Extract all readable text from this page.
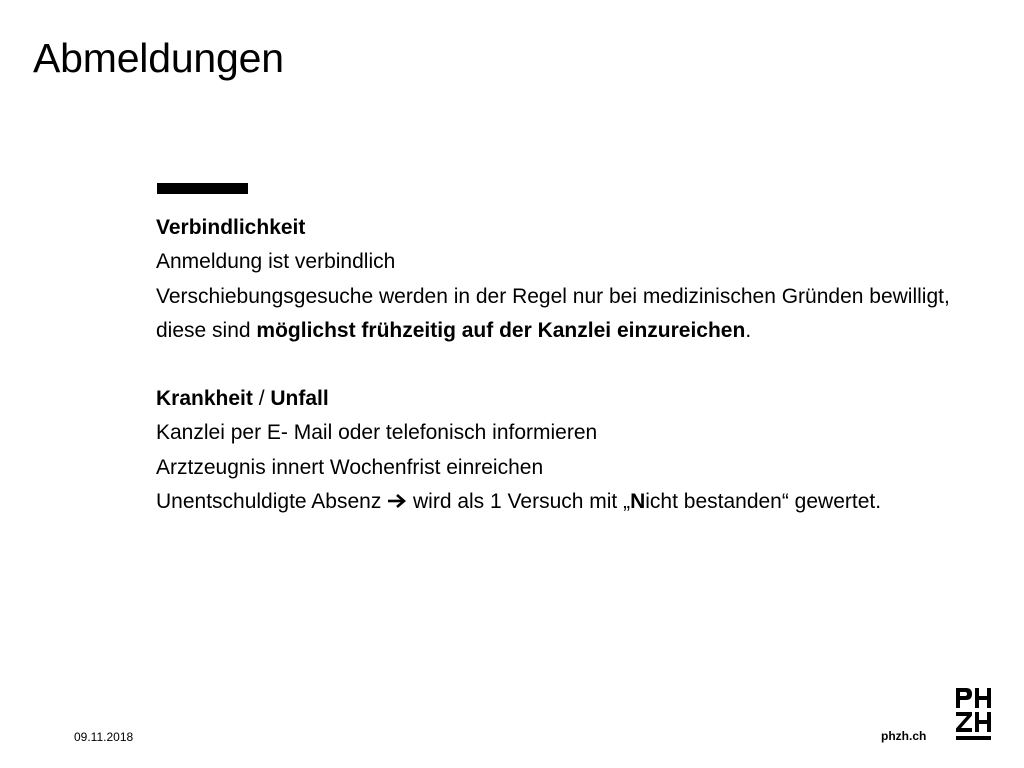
Abmeldungen

Verbindlichkeit

Anmeldung ist verbindlich

Verschiebungsgesuche werden in der Regel nur bei medizinischen Gründen bewilligt, diese sind möglichst frühzeitig auf der Kanzlei einzureichen.

Krankheit / Unfall

Kanzlei per E- Mail oder telefonisch informieren

Arztzeugnis innert Wochenfrist einreichen

Unentschuldigte Absenz  wird als 1 Versuch mit „Nicht bestanden“ gewertet.

09.11.2018	phzh.ch
